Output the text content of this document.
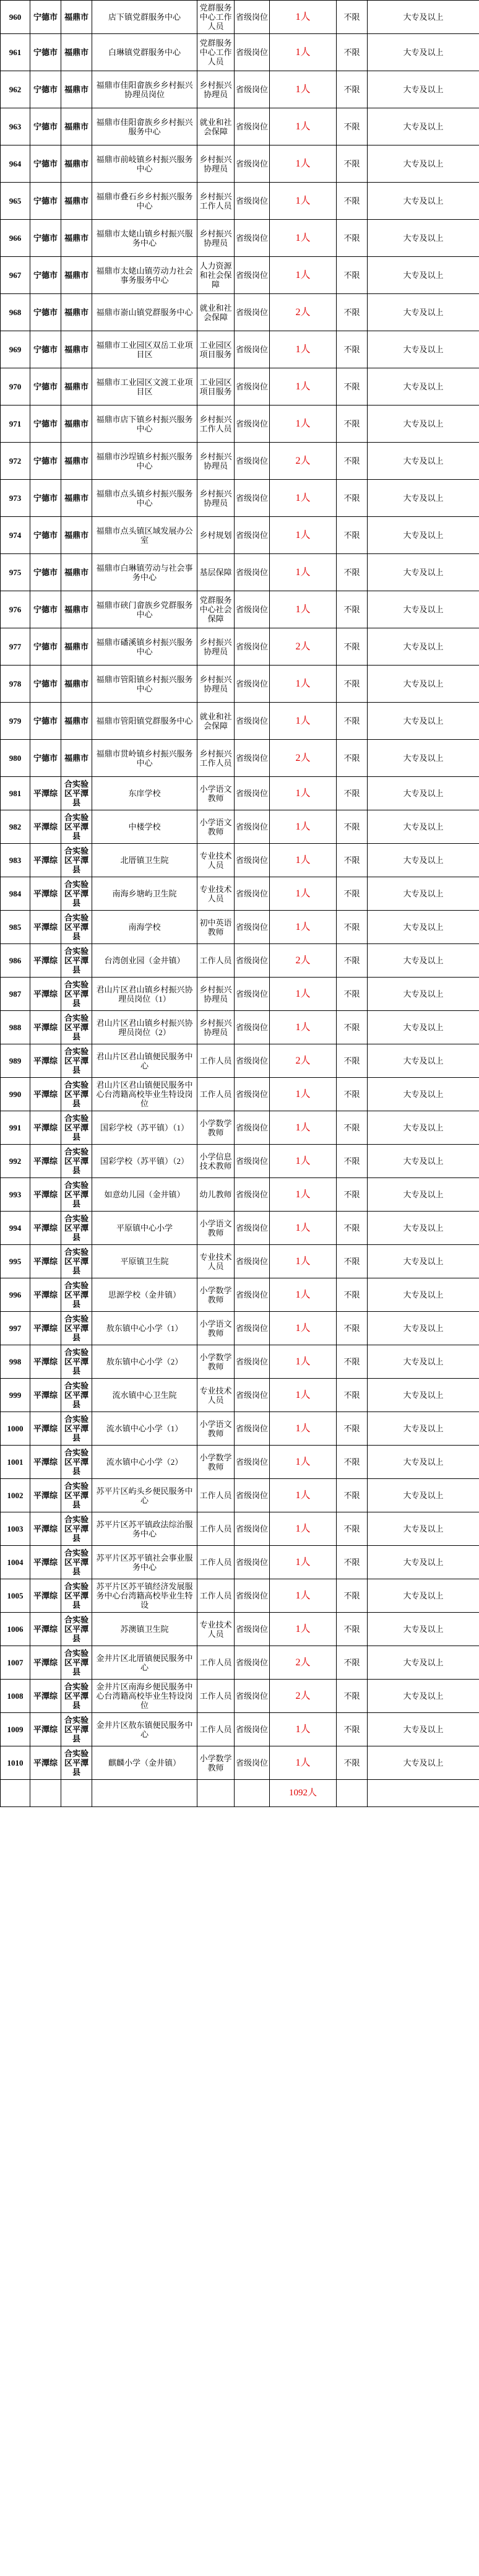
960	宁德市	福鼎市	店下镇党群服务中心	党群服务中心工作人员	省级岗位	1人	不限	大专及以上
961	宁德市	福鼎市	白琳镇党群服务中心	党群服务中心工作人员	省级岗位	1人	不限	大专及以上
962	宁德市	福鼎市	福鼎市佳阳畲族乡乡村振兴协理员岗位	乡村振兴协理员	省级岗位	1人	不限	大专及以上
963	宁德市	福鼎市	福鼎市佳阳畲族乡乡村振兴服务中心	就业和社会保障	省级岗位	1人	不限	大专及以上
964	宁德市	福鼎市	福鼎市前岐镇乡村振兴服务中心	乡村振兴协理员	省级岗位	1人	不限	大专及以上
965	宁德市	福鼎市	福鼎市叠石乡乡村振兴服务中心	乡村振兴工作人员	省级岗位	1人	不限	大专及以上
966	宁德市	福鼎市	福鼎市太姥山镇乡村振兴服务中心	乡村振兴协理员	省级岗位	1人	不限	大专及以上
967	宁德市	福鼎市	福鼎市太姥山镇劳动力社会事务服务中心	人力资源和社会保障	省级岗位	1人	不限	大专及以上
968	宁德市	福鼎市	福鼎市嵛山镇党群服务中心	就业和社会保障	省级岗位	2人	不限	大专及以上
969	宁德市	福鼎市	福鼎市工业园区双岳工业项目区	工业园区项目服务	省级岗位	1人	不限	大专及以上
970	宁德市	福鼎市	福鼎市工业园区文渡工业项目区	工业园区项目服务	省级岗位	1人	不限	大专及以上
971	宁德市	福鼎市	福鼎市店下镇乡村振兴服务中心	乡村振兴工作人员	省级岗位	1人	不限	大专及以上
972	宁德市	福鼎市	福鼎市沙埕镇乡村振兴服务中心	乡村振兴协理员	省级岗位	2人	不限	大专及以上
973	宁德市	福鼎市	福鼎市点头镇乡村振兴服务中心	乡村振兴协理员	省级岗位	1人	不限	大专及以上
974	宁德市	福鼎市	福鼎市点头镇区域发展办公室	乡村规划	省级岗位	1人	不限	大专及以上
975	宁德市	福鼎市	福鼎市白琳镇劳动与社会事务中心	基层保障	省级岗位	1人	不限	大专及以上
976	宁德市	福鼎市	福鼎市硖门畲族乡党群服务中心	党群服务中心社会保障	省级岗位	1人	不限	大专及以上
977	宁德市	福鼎市	福鼎市磻溪镇乡村振兴服务中心	乡村振兴协理员	省级岗位	2人	不限	大专及以上
978	宁德市	福鼎市	福鼎市管阳镇乡村振兴服务中心	乡村振兴协理员	省级岗位	1人	不限	大专及以上
979	宁德市	福鼎市	福鼎市管阳镇党群服务中心	就业和社会保障	省级岗位	1人	不限	大专及以上
980	宁德市	福鼎市	福鼎市贯岭镇乡村振兴服务中心	乡村振兴工作人员	省级岗位	2人	不限	大专及以上
981	平潭综	合实验区平潭县	东庠学校	小学语文教师	省级岗位	1人	不限	大专及以上
982	平潭综	合实验区平潭县	中楼学校	小学语文教师	省级岗位	1人	不限	大专及以上
983	平潭综	合实验区平潭县	北厝镇卫生院	专业技术人员	省级岗位	1人	不限	大专及以上
984	平潭综	合实验区平潭县	南海乡塘屿卫生院	专业技术人员	省级岗位	1人	不限	大专及以上
985	平潭综	合实验区平潭县	南海学校	初中英语教师	省级岗位	1人	不限	大专及以上
986	平潭综	合实验区平潭县	台湾创业园（金井镇）	工作人员	省级岗位	2人	不限	大专及以上
987	平潭综	合实验区平潭县	君山片区君山镇乡村振兴协理员岗位（1）	乡村振兴协理员	省级岗位	1人	不限	大专及以上
988	平潭综	合实验区平潭县	君山片区君山镇乡村振兴协理员岗位（2）	乡村振兴协理员	省级岗位	1人	不限	大专及以上
989	平潭综	合实验区平潭县	君山片区君山镇便民服务中心	工作人员	省级岗位	2人	不限	大专及以上
990	平潭综	合实验区平潭县	君山片区君山镇便民服务中心台湾籍高校毕业生特设岗位	工作人员	省级岗位	1人	不限	大专及以上
991	平潭综	合实验区平潭县	国彩学校（苏平镇）（1）	小学数学教师	省级岗位	1人	不限	大专及以上
992	平潭综	合实验区平潭县	国彩学校（苏平镇）（2）	小学信息技术教师	省级岗位	1人	不限	大专及以上
993	平潭综	合实验区平潭县	如意幼儿园（金井镇）	幼儿教师	省级岗位	1人	不限	大专及以上
994	平潭综	合实验区平潭县	平原镇中心小学	小学语文教师	省级岗位	1人	不限	大专及以上
995	平潭综	合实验区平潭县	平原镇卫生院	专业技术人员	省级岗位	1人	不限	大专及以上
996	平潭综	合实验区平潭县	思源学校（金井镇）	小学数学教师	省级岗位	1人	不限	大专及以上
997	平潭综	合实验区平潭县	敖东镇中心小学（1）	小学语文教师	省级岗位	1人	不限	大专及以上
998	平潭综	合实验区平潭县	敖东镇中心小学（2）	小学数学教师	省级岗位	1人	不限	大专及以上
999	平潭综	合实验区平潭县	流水镇中心卫生院	专业技术人员	省级岗位	1人	不限	大专及以上
1000	平潭综	合实验区平潭县	流水镇中心小学（1）	小学语文教师	省级岗位	1人	不限	大专及以上
1001	平潭综	合实验区平潭县	流水镇中心小学（2）	小学数学教师	省级岗位	1人	不限	大专及以上
1002	平潭综	合实验区平潭县	苏平片区屿头乡便民服务中心	工作人员	省级岗位	1人	不限	大专及以上
1003	平潭综	合实验区平潭县	苏平片区苏平镇政法综治服务中心	工作人员	省级岗位	1人	不限	大专及以上
1004	平潭综	合实验区平潭县	苏平片区苏平镇社会事业服务中心	工作人员	省级岗位	1人	不限	大专及以上
1005	平潭综	合实验区平潭县	苏平片区苏平镇经济发展服务中心台湾籍高校毕业生特设	工作人员	省级岗位	1人	不限	大专及以上
1006	平潭综	合实验区平潭县	苏澳镇卫生院	专业技术人员	省级岗位	1人	不限	大专及以上
1007	平潭综	合实验区平潭县	金井片区北厝镇便民服务中心	工作人员	省级岗位	2人	不限	大专及以上
1008	平潭综	合实验区平潭县	金井片区南海乡便民服务中心台湾籍高校毕业生特设岗位	工作人员	省级岗位	2人	不限	大专及以上
1009	平潭综	合实验区平潭县	金井片区敖东镇便民服务中心	工作人员	省级岗位	1人	不限	大专及以上
1010	平潭综	合实验区平潭县	麒麟小学（金井镇）	小学数学教师	省级岗位	1人	不限	大专及以上
						1092人		
